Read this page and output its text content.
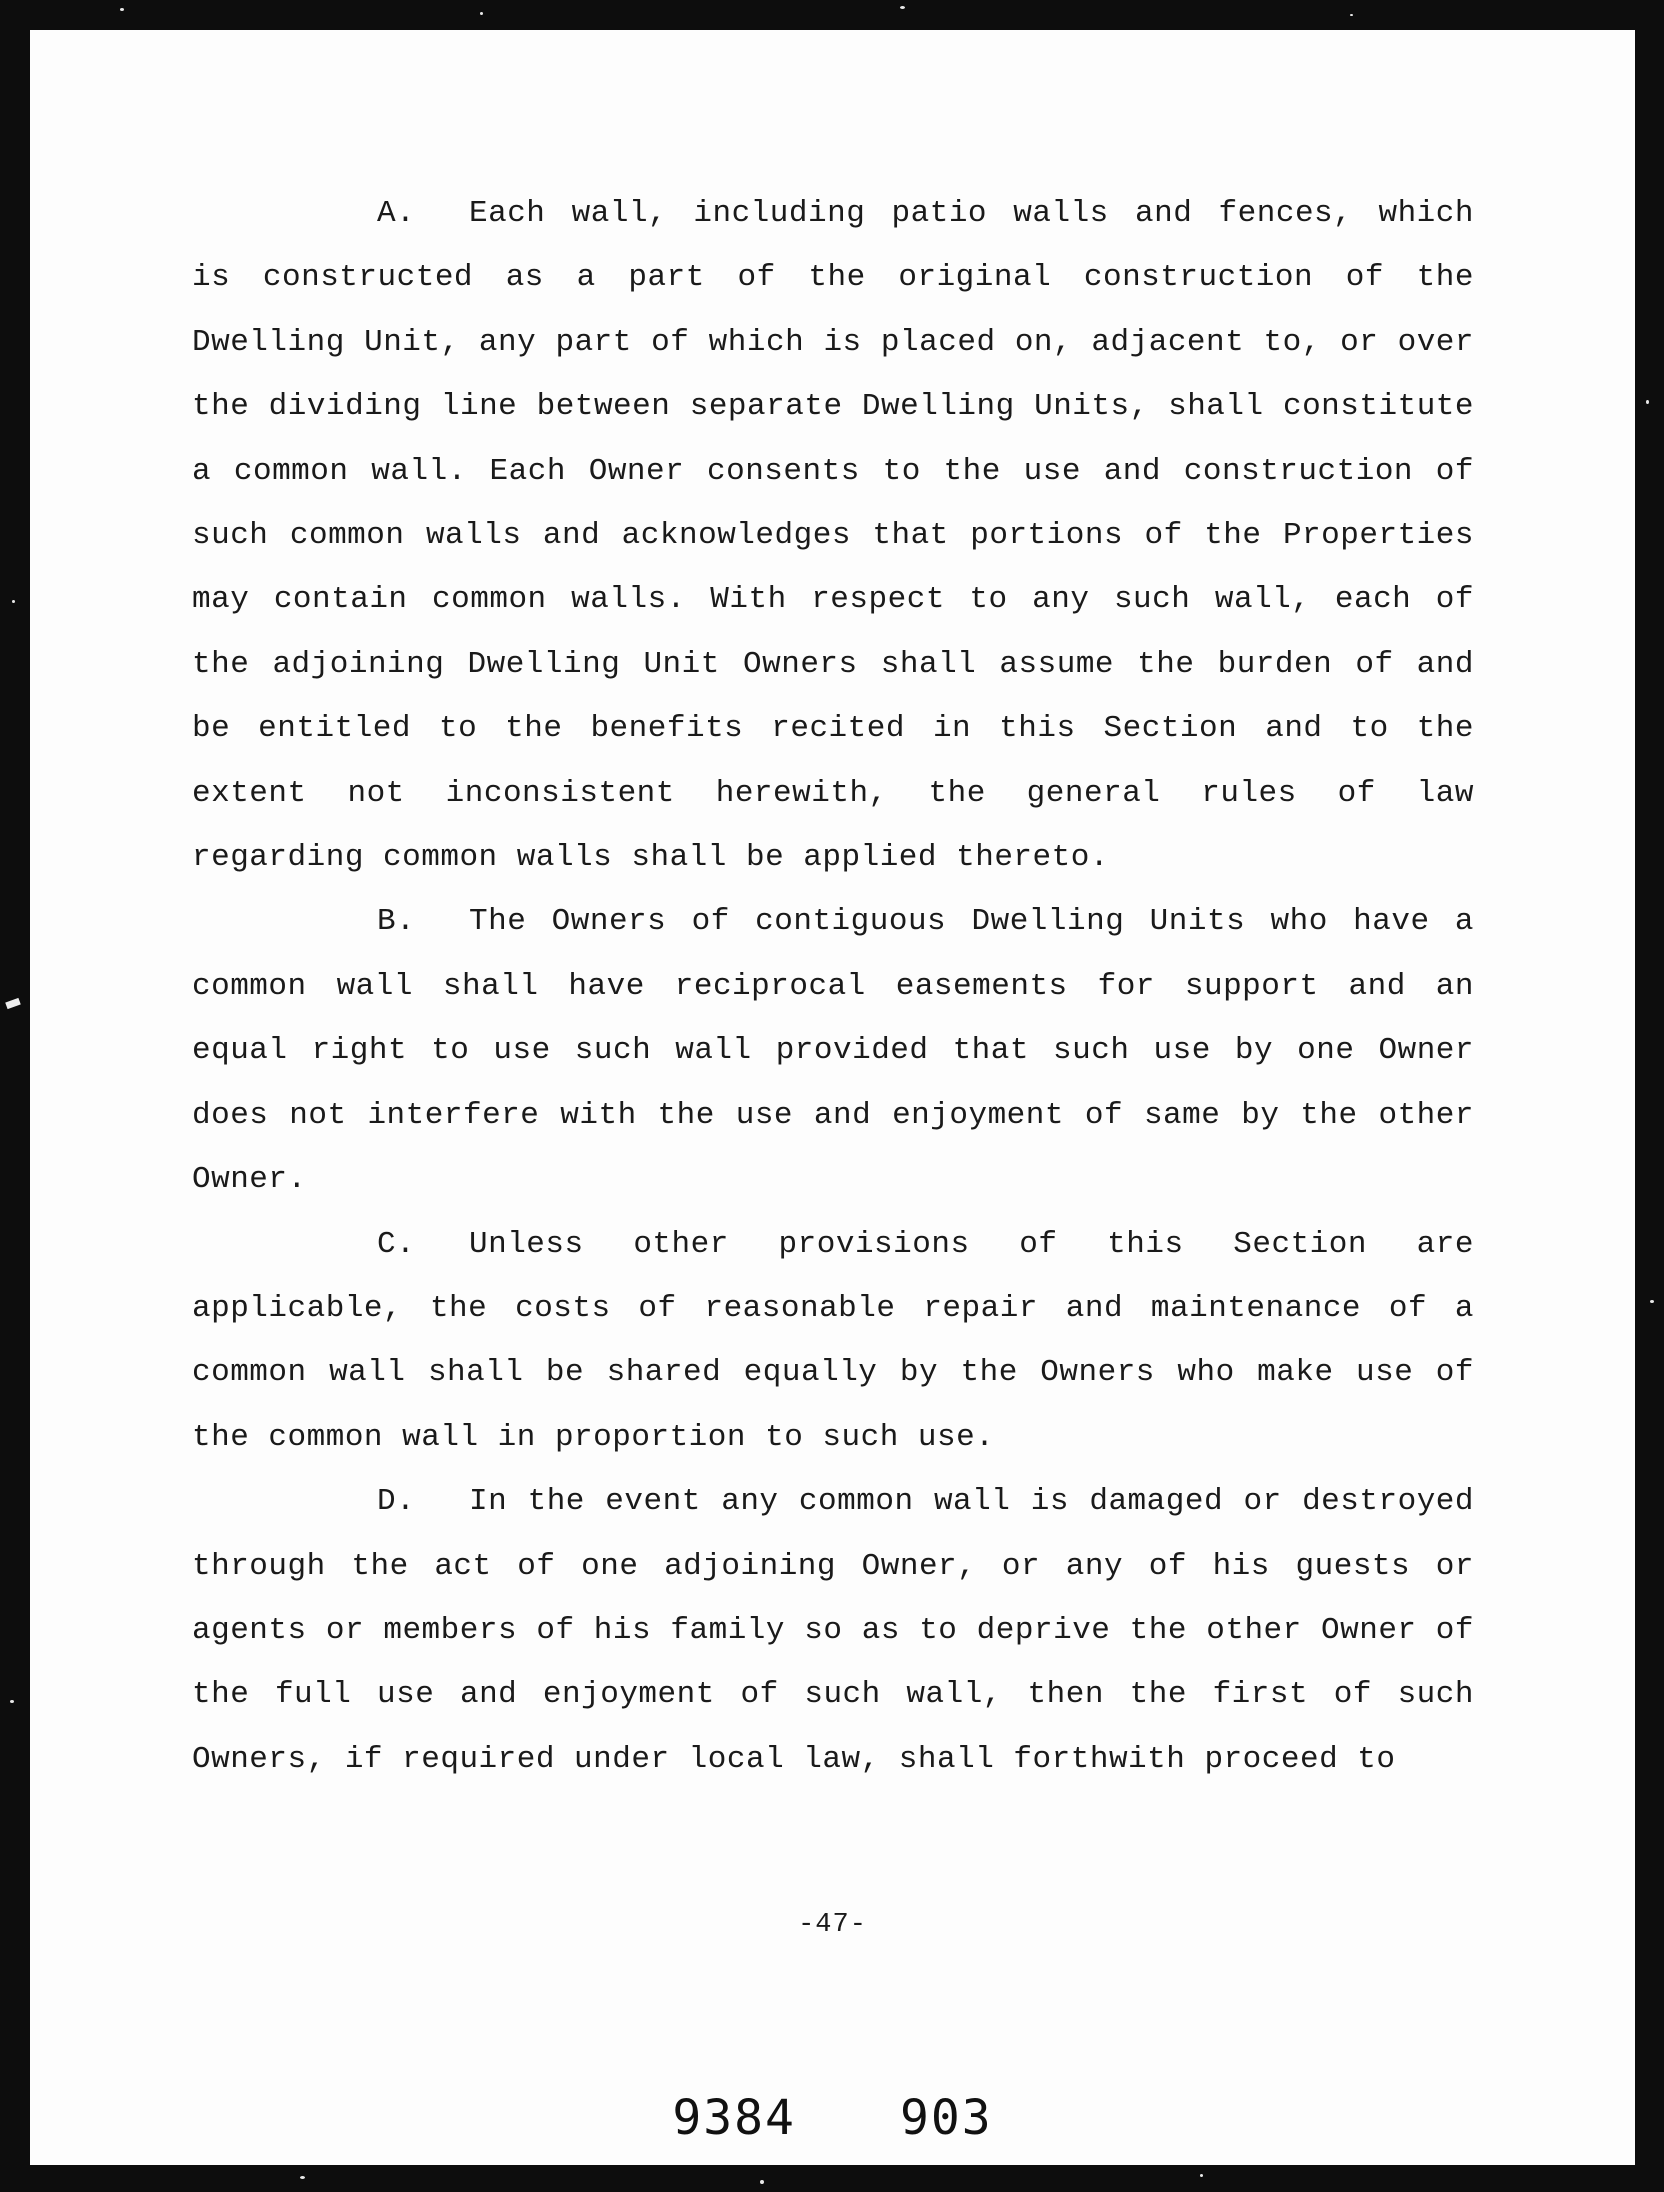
A. Each wall, including patio walls and fences, which is constructed as a part of the original construction of the Dwelling Unit, any part of which is placed on, adjacent to, or over the dividing line between separate Dwelling Units, shall constitute a common wall. Each Owner consents to the use and construction of such common walls and acknowledges that portions of the Properties may contain common walls. With respect to any such wall, each of the adjoining Dwelling Unit Owners shall assume the burden of and be entitled to the benefits recited in this Section and to the extent not inconsistent herewith, the general rules of law regarding common walls shall be applied thereto.

B. The Owners of contiguous Dwelling Units who have a common wall shall have reciprocal easements for support and an equal right to use such wall provided that such use by one Owner does not interfere with the use and enjoyment of same by the other Owner.

C. Unless other provisions of this Section are applicable, the costs of reasonable repair and maintenance of a common wall shall be shared equally by the Owners who make use of the common wall in proportion to such use.

D. In the event any common wall is damaged or destroyed through the act of one adjoining Owner, or any of his guests or agents or members of his family so as to deprive the other Owner of the full use and enjoyment of such wall, then the first of such Owners, if required under local law, shall forthwith proceed to

-47-
9384 903
